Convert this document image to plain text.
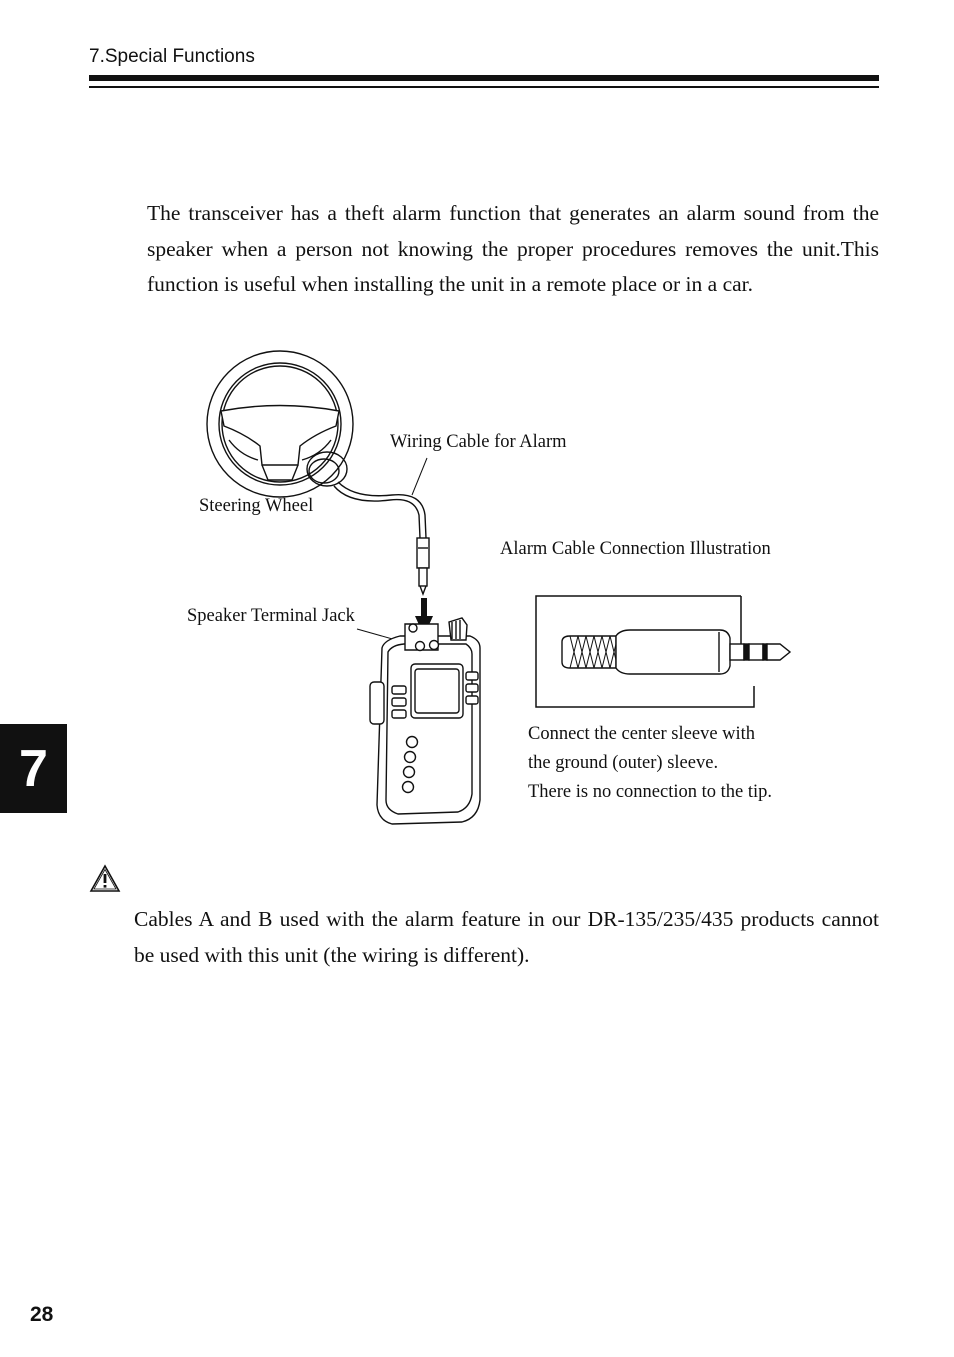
7.Special Functions

The transceiver has a theft alarm function that generates an alarm sound from the speaker when a person not knowing the proper procedures removes the unit.This function is useful when installing the unit in a remote place or in a car.

Wiring Cable for Alarm
Steering Wheel
Alarm Cable Connection Illustration
Speaker Terminal Jack
Connect the center sleeve with
the ground (outer) sleeve.
There is no connection to the tip.

Cables A and B used with the alarm feature in our DR-135/235/435 products cannot be used with this unit (the wiring is different).

7
28
